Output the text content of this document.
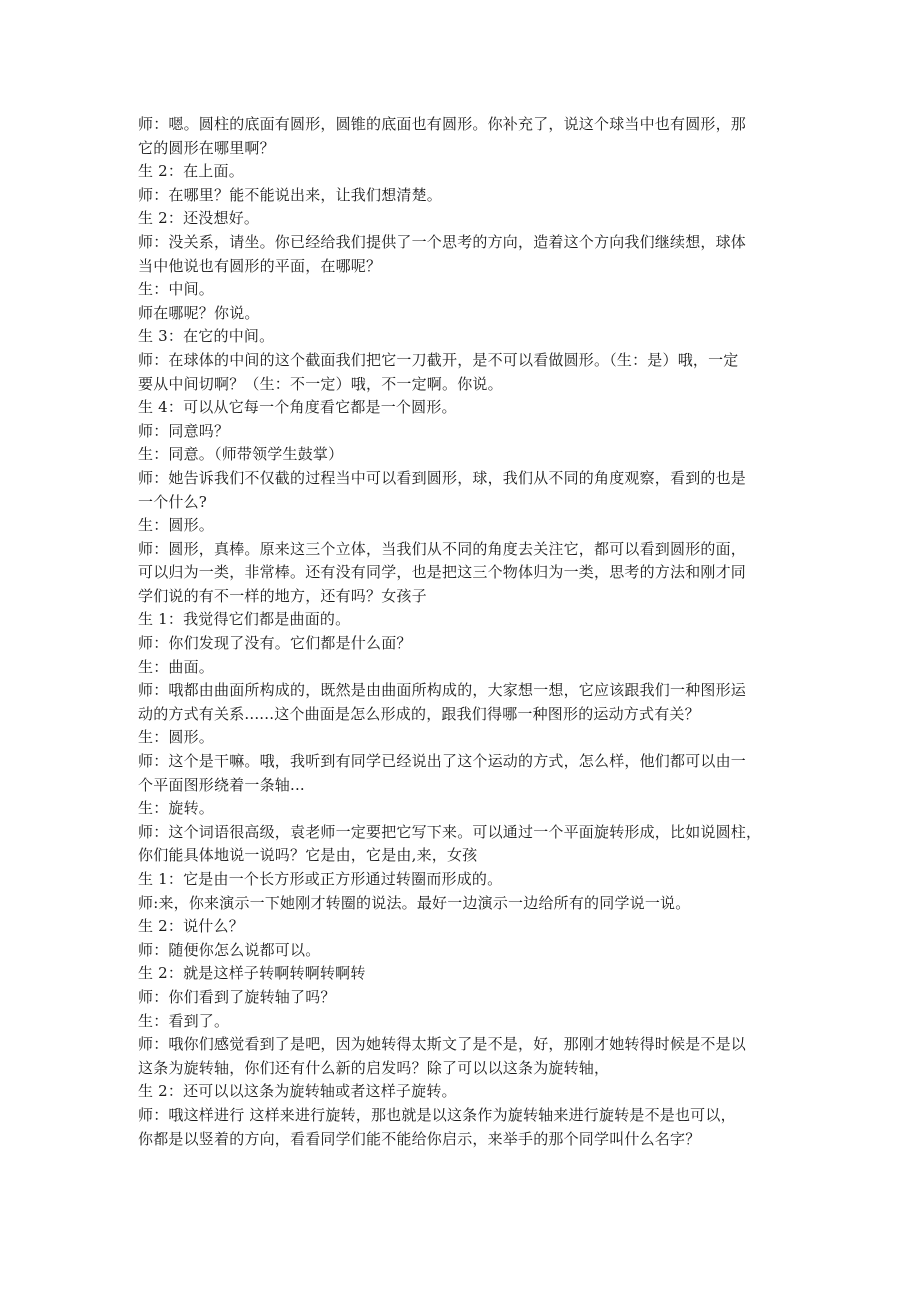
师：嗯。圆柱的底面有圆形，圆锥的底面也有圆形。你补充了，说这个球当中也有圆形，那
它的圆形在哪里啊？
生 2：在上面。
师：在哪里？能不能说出来，让我们想清楚。
生 2：还没想好。
师：没关系，请坐。你已经给我们提供了一个思考的方向，造着这个方向我们继续想，球体
当中他说也有圆形的平面，在哪呢？
生：中间。
师在哪呢？你说。
生 3：在它的中间。
师：在球体的中间的这个截面我们把它一刀截开，是不可以看做圆形。（生：是）哦，一定
要从中间切啊？（生：不一定）哦，不一定啊。你说。
生 4：可以从它每一个角度看它都是一个圆形。
师：同意吗？
生：同意。（师带领学生鼓掌）
师：她告诉我们不仅截的过程当中可以看到圆形，球，我们从不同的角度观察，看到的也是
一个什么?
生：圆形。
师：圆形，真棒。原来这三个立体，当我们从不同的角度去关注它，都可以看到圆形的面，
可以归为一类，非常棒。还有没有同学，也是把这三个物体归为一类，思考的方法和刚才同
学们说的有不一样的地方，还有吗？女孩子
生 1：我觉得它们都是曲面的。
师：你们发现了没有。它们都是什么面？
生：曲面。
师：哦都由曲面所构成的，既然是由曲面所构成的，大家想一想，它应该跟我们一种图形运
动的方式有关系......这个曲面是怎么形成的，跟我们得哪一种图形的运动方式有关？
生：圆形。
师：这个是干嘛。哦，我听到有同学已经说出了这个运动的方式，怎么样，他们都可以由一
个平面图形绕着一条轴...
生：旋转。
师：这个词语很高级，袁老师一定要把它写下来。可以通过一个平面旋转形成，比如说圆柱，
你们能具体地说一说吗？它是由，它是由,来，女孩
生 1：它是由一个长方形或正方形通过转圈而形成的。
师:来，你来演示一下她刚才转圈的说法。最好一边演示一边给所有的同学说一说。
生 2：说什么？
师：随便你怎么说都可以。
生 2：就是这样子转啊转啊转啊转
师：你们看到了旋转轴了吗？
生：看到了。
师：哦你们感觉看到了是吧，因为她转得太斯文了是不是，好，那刚才她转得时候是不是以
这条为旋转轴，你们还有什么新的启发吗？除了可以以这条为旋转轴，
生 2：还可以以这条为旋转轴或者这样子旋转。
师：哦这样进行 这样来进行旋转，那也就是以这条作为旋转轴来进行旋转是不是也可以，
你都是以竖着的方向，看看同学们能不能给你启示，来举手的那个同学叫什么名字？
